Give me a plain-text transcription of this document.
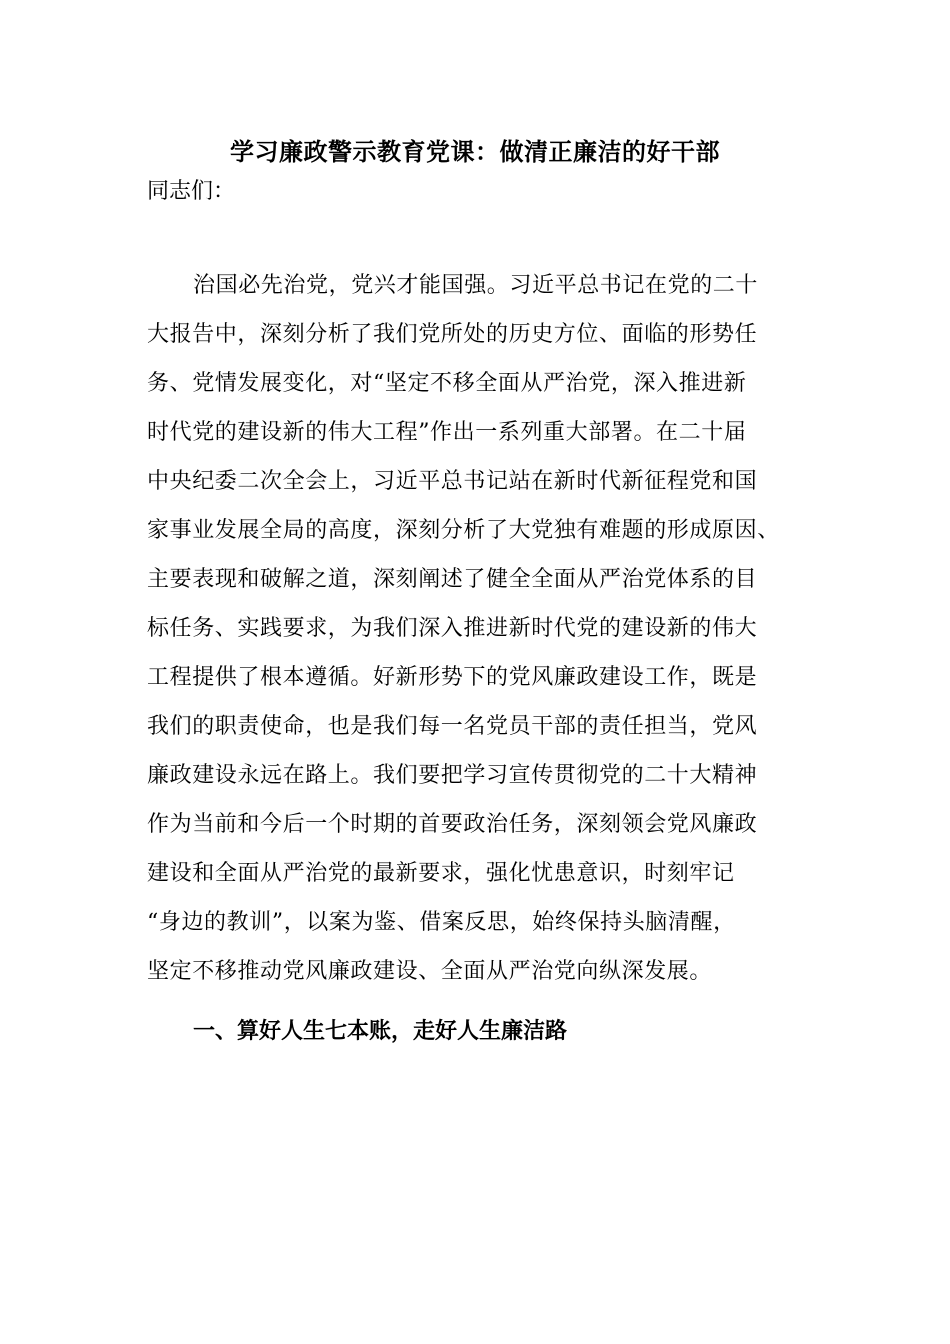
学习廉政警示教育党课：做清正廉洁的好干部
同志们：
治国必先治党，党兴才能国强。习近平总书记在党的二十
大报告中，深刻分析了我们党所处的历史方位、面临的形势任
务、党情发展变化，对“坚定不移全面从严治党，深入推进新
时代党的建设新的伟大工程”作出一系列重大部署。在二十届
中央纪委二次全会上，习近平总书记站在新时代新征程党和国
家事业发展全局的高度，深刻分析了大党独有难题的形成原因、
主要表现和破解之道，深刻阐述了健全全面从严治党体系的目
标任务、实践要求，为我们深入推进新时代党的建设新的伟大
工程提供了根本遵循。好新形势下的党风廉政建设工作，既是
我们的职责使命，也是我们每一名党员干部的责任担当，党风
廉政建设永远在路上。我们要把学习宣传贯彻党的二十大精神
作为当前和今后一个时期的首要政治任务，深刻领会党风廉政
建设和全面从严治党的最新要求，强化忧患意识，时刻牢记
“身边的教训”，以案为鉴、借案反思，始终保持头脑清醒，
坚定不移推动党风廉政建设、全面从严治党向纵深发展。
一、算好人生七本账，走好人生廉洁路
